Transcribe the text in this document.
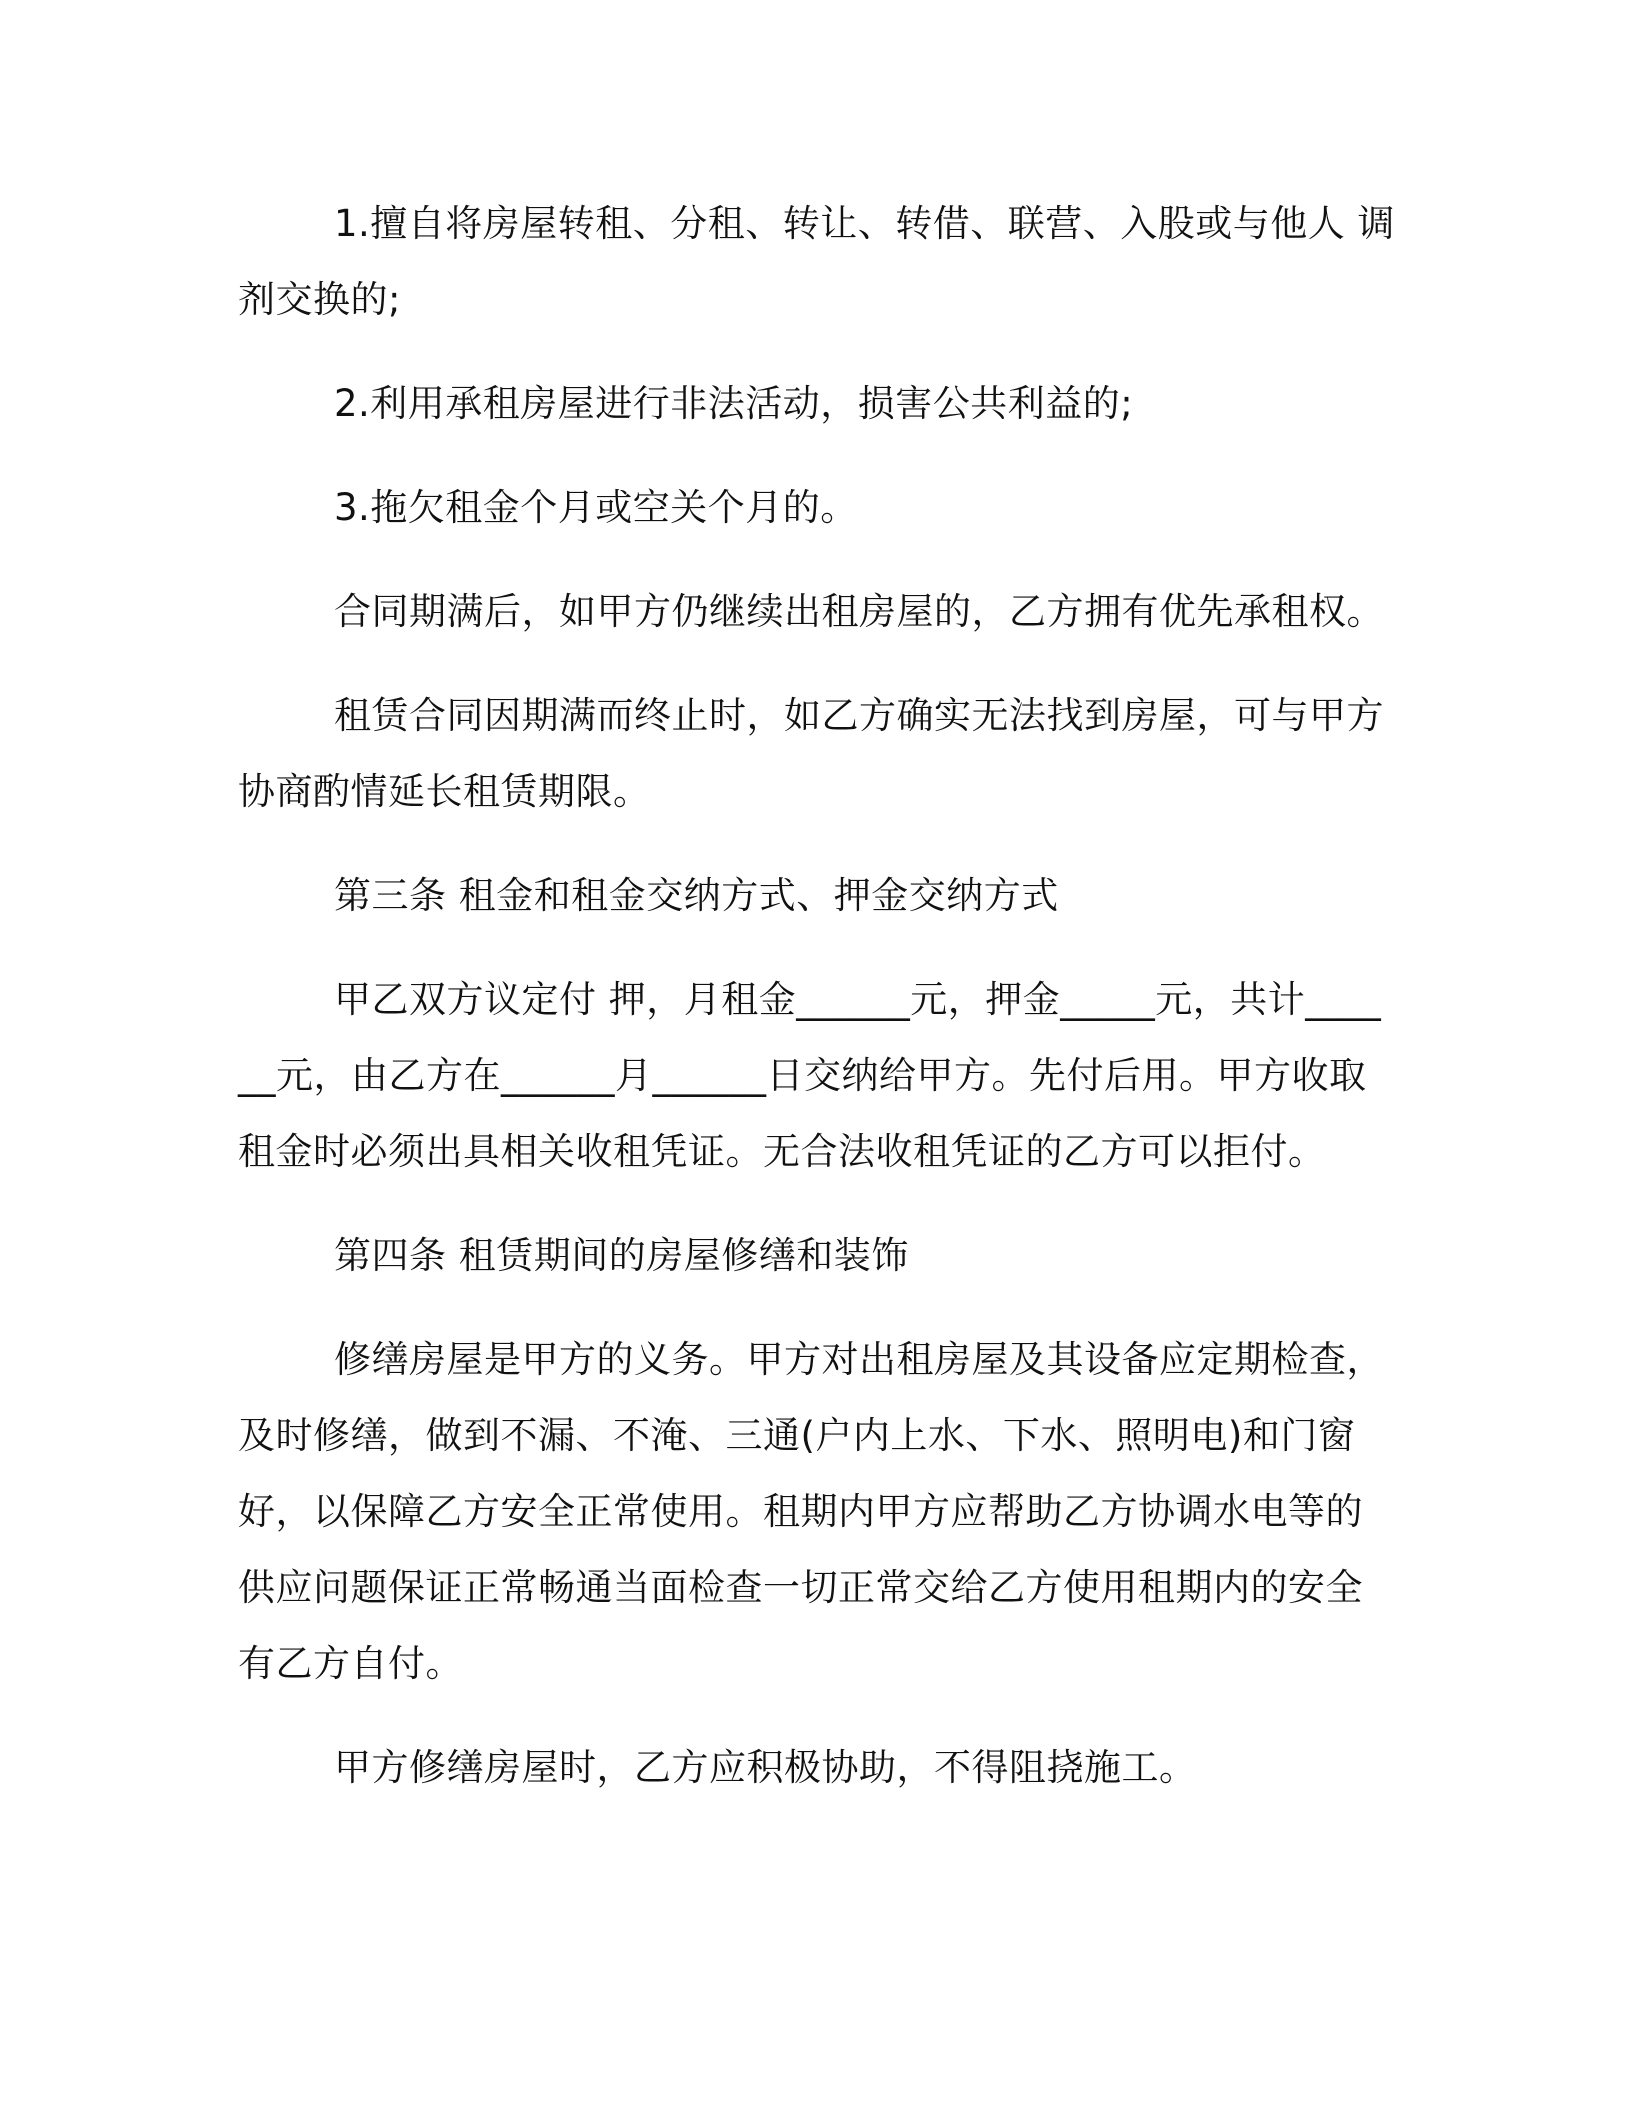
1.擅自将房屋转租、分租、转让、转借、联营、入股或与他人 调剂交换的;

2.利用承租房屋进行非法活动，损害公共利益的;

3.拖欠租金个月或空关个月的。

合同期满后，如甲方仍继续出租房屋的，乙方拥有优先承租权。

租赁合同因期满而终止时，如乙方确实无法找到房屋，可与甲方协商酌情延长租赁期限。

第三条 租金和租金交纳方式、押金交纳方式

甲乙双方议定付 押，月租金______元，押金_____元，共计______元，由乙方在______月______日交纳给甲方。先付后用。甲方收取租金时必须出具相关收租凭证。无合法收租凭证的乙方可以拒付。

第四条 租赁期间的房屋修缮和装饰

修缮房屋是甲方的义务。甲方对出租房屋及其设备应定期检查，及时修缮，做到不漏、不淹、三通(户内上水、下水、照明电)和门窗好，以保障乙方安全正常使用。租期内甲方应帮助乙方协调水电等的供应问题保证正常畅通当面检查一切正常交给乙方使用租期内的安全有乙方自付。

甲方修缮房屋时，乙方应积极协助，不得阻挠施工。
